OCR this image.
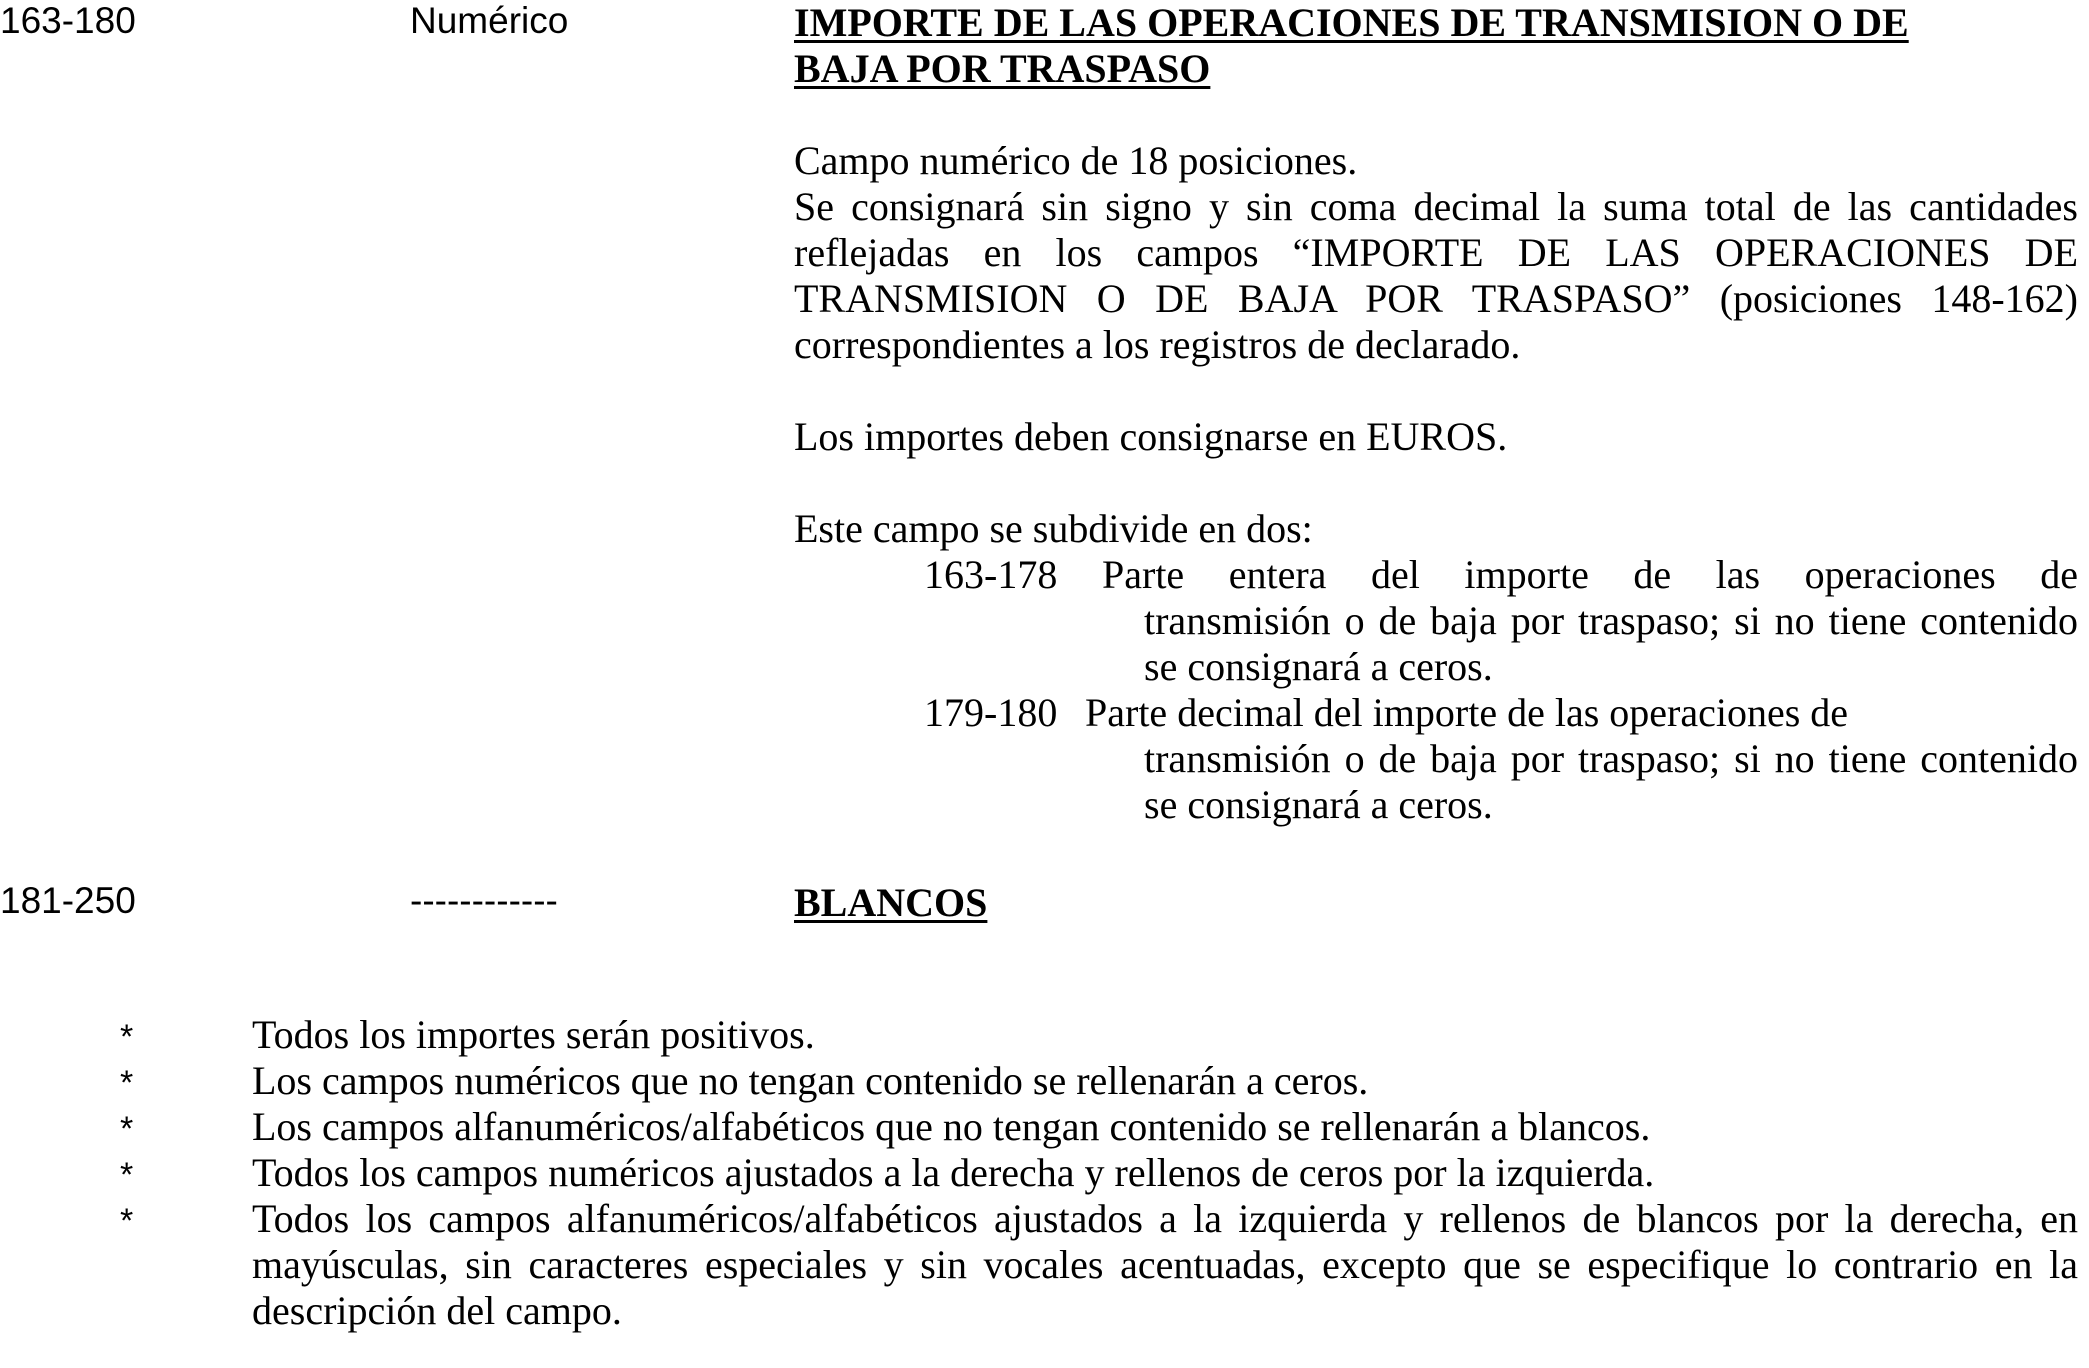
163-180	Numérico	IMPORTE DE LAS OPERACIONES DE TRANSMISION O DE
BAJA POR TRASPASO

Campo numérico de 18 posiciones.

Se consignará sin signo y sin coma decimal la suma total de las cantidades reflejadas en los campos “IMPORTE DE LAS OPERACIONES DE TRANSMISION O DE BAJA POR TRASPASO” (posiciones 148-162) correspondientes a los registros de declarado.

Los importes deben consignarse en EUROS.

Este campo se subdivide en dos:

163-178	Parte entera del importe de las operaciones de
transmisión o de baja por traspaso; si no tiene contenido se consignará a ceros.
179-180 Parte decimal del importe de las operaciones de
transmisión o de baja por traspaso; si no tiene contenido se consignará a ceros.
181-250	------------	BLANCOS

*	Todos los importes serán positivos.
*	Los campos numéricos que no tengan contenido se rellenarán a ceros.
*	Los campos alfanuméricos/alfabéticos que no tengan contenido se rellenarán a blancos.
*	Todos los campos numéricos ajustados a la derecha y rellenos de ceros por la izquierda.
*	Todos los campos alfanuméricos/alfabéticos ajustados a la izquierda y rellenos de blancos por la derecha, en mayúsculas, sin caracteres especiales y sin vocales acentuadas, excepto que se especifique lo contrario en la descripción del campo.
